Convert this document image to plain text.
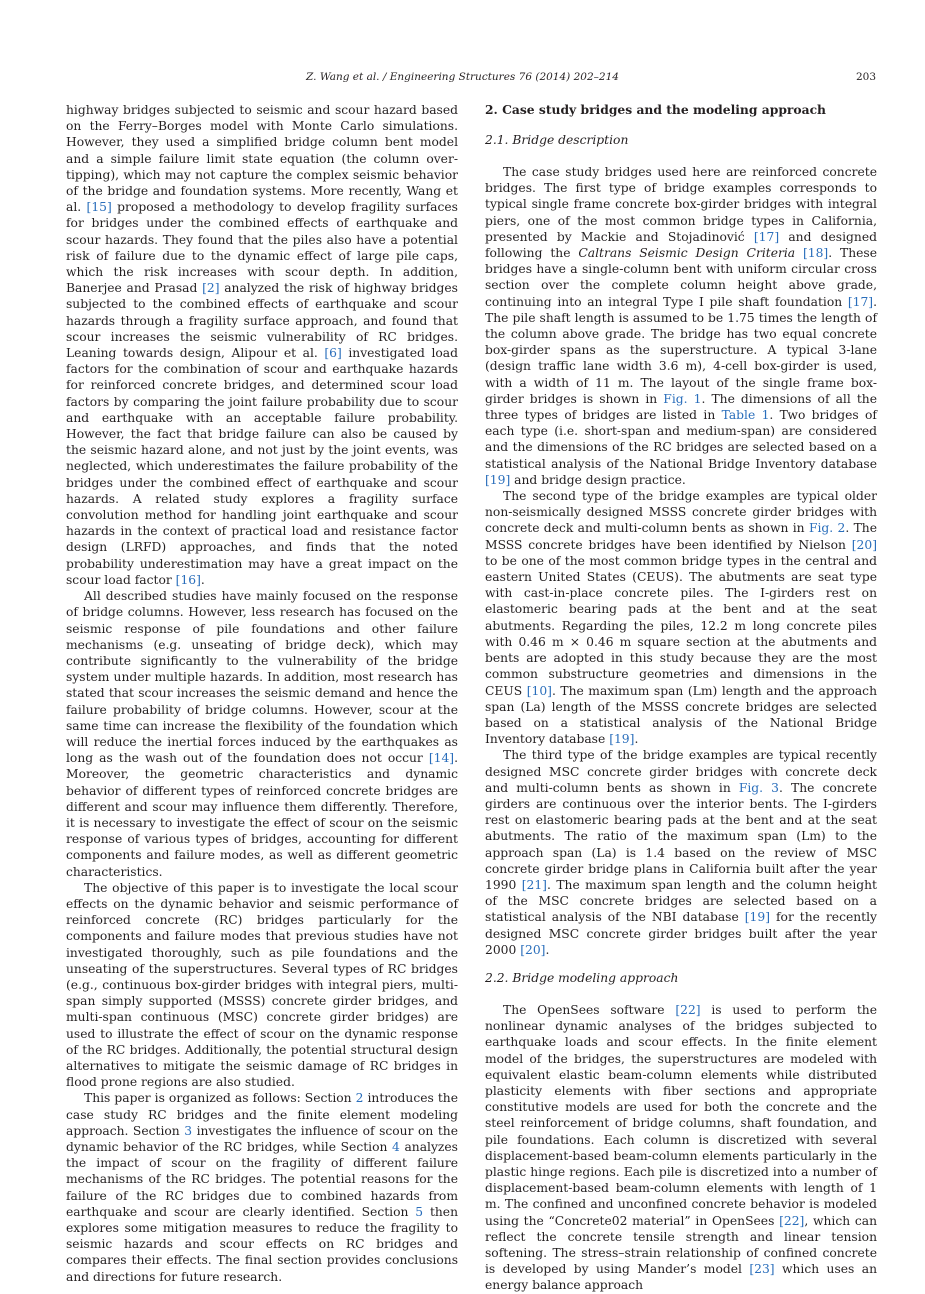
Z. Wang et al. / Engineering Structures 76 (2014) 202–214	203

highway bridges subjected to seismic and scour hazard based on the Ferry–Borges model with Monte Carlo simulations. However, they used a simplified bridge column bent model and a simple failure limit state equation (the column over-tipping), which may not capture the complex seismic behavior of the bridge and foundation systems. More recently, Wang et al. [15] proposed a methodology to develop fragility surfaces for bridges under the combined effects of earthquake and scour hazards. They found that the piles also have a potential risk of failure due to the dynamic effect of large pile caps, which the risk increases with scour depth. In addition, Banerjee and Prasad [2] analyzed the risk of highway bridges subjected to the combined effects of earthquake and scour hazards through a fragility surface approach, and found that scour increases the seismic vulnerability of RC bridges. Leaning towards design, Alipour et al. [6] investigated load factors for the combination of scour and earthquake hazards for reinforced concrete bridges, and determined scour load factors by comparing the joint failure probability due to scour and earthquake with an acceptable failure probability. However, the fact that bridge failure can also be caused by the seismic hazard alone, and not just by the joint events, was neglected, which underestimates the failure probability of the bridges under the combined effect of earthquake and scour hazards. A related study explores a fragility surface convolution method for handling joint earthquake and scour hazards in the context of practical load and resistance factor design (LRFD) approaches, and finds that the noted probability underestimation may have a great impact on the scour load factor [16].

All described studies have mainly focused on the response of bridge columns. However, less research has focused on the seismic response of pile foundations and other failure mechanisms (e.g. unseating of bridge deck), which may contribute significantly to the vulnerability of the bridge system under multiple hazards. In addition, most research has stated that scour increases the seismic demand and hence the failure probability of bridge columns. However, scour at the same time can increase the flexibility of the foundation which will reduce the inertial forces induced by the earthquakes as long as the wash out of the foundation does not occur [14]. Moreover, the geometric characteristics and dynamic behavior of different types of reinforced concrete bridges are different and scour may influence them differently. Therefore, it is necessary to investigate the effect of scour on the seismic response of various types of bridges, accounting for different components and failure modes, as well as different geometric characteristics.

The objective of this paper is to investigate the local scour effects on the dynamic behavior and seismic performance of reinforced concrete (RC) bridges particularly for the components and failure modes that previous studies have not investigated thoroughly, such as pile foundations and the unseating of the superstructures. Several types of RC bridges (e.g., continuous box-girder bridges with integral piers, multi-span simply supported (MSSS) concrete girder bridges, and multi-span continuous (MSC) concrete girder bridges) are used to illustrate the effect of scour on the dynamic response of the RC bridges. Additionally, the potential structural design alternatives to mitigate the seismic damage of RC bridges in flood prone regions are also studied.

This paper is organized as follows: Section 2 introduces the case study RC bridges and the finite element modeling approach. Section 3 investigates the influence of scour on the dynamic behavior of the RC bridges, while Section 4 analyzes the impact of scour on the fragility of different failure mechanisms of the RC bridges. The potential reasons for the failure of the RC bridges due to combined hazards from earthquake and scour are clearly identified. Section 5 then explores some mitigation measures to reduce the fragility to seismic hazards and scour effects on RC bridges and compares their effects. The final section provides conclusions and directions for future research.

2. Case study bridges and the modeling approach
2.1. Bridge description

The case study bridges used here are reinforced concrete bridges. The first type of bridge examples corresponds to typical single frame concrete box-girder bridges with integral piers, one of the most common bridge types in California, presented by Mackie and Stojadinović [17] and designed following the Caltrans Seismic Design Criteria [18]. These bridges have a single-column bent with uniform circular cross section over the complete column height above grade, continuing into an integral Type I pile shaft foundation [17]. The pile shaft length is assumed to be 1.75 times the length of the column above grade. The bridge has two equal concrete box-girder spans as the superstructure. A typical 3-lane (design traffic lane width 3.6 m), 4-cell box-girder is used, with a width of 11 m. The layout of the single frame box-girder bridges is shown in Fig. 1. The dimensions of all the three types of bridges are listed in Table 1. Two bridges of each type (i.e. short-span and medium-span) are considered and the dimensions of the RC bridges are selected based on a statistical analysis of the National Bridge Inventory database [19] and bridge design practice.

The second type of the bridge examples are typical older non-seismically designed MSSS concrete girder bridges with concrete deck and multi-column bents as shown in Fig. 2. The MSSS concrete bridges have been identified by Nielson [20] to be one of the most common bridge types in the central and eastern United States (CEUS). The abutments are seat type with cast-in-place concrete piles. The I-girders rest on elastomeric bearing pads at the bent and at the seat abutments. Regarding the piles, 12.2 m long concrete piles with 0.46 m × 0.46 m square section at the abutments and bents are adopted in this study because they are the most common substructure geometries and dimensions in the CEUS [10]. The maximum span (Lm) length and the approach span (La) length of the MSSS concrete bridges are selected based on a statistical analysis of the National Bridge Inventory database [19].

The third type of the bridge examples are typical recently designed MSC concrete girder bridges with concrete deck and multi-column bents as shown in Fig. 3. The concrete girders are continuous over the interior bents. The I-girders rest on elastomeric bearing pads at the bent and at the seat abutments. The ratio of the maximum span (Lm) to the approach span (La) is 1.4 based on the review of MSC concrete girder bridge plans in California built after the year 1990 [21]. The maximum span length and the column height of the MSC concrete bridges are selected based on a statistical analysis of the NBI database [19] for the recently designed MSC concrete girder bridges built after the year 2000 [20].

2.2. Bridge modeling approach

The OpenSees software [22] is used to perform the nonlinear dynamic analyses of the bridges subjected to earthquake loads and scour effects. In the finite element model of the bridges, the superstructures are modeled with equivalent elastic beam-column elements while distributed plasticity elements with fiber sections and appropriate constitutive models are used for both the concrete and the steel reinforcement of bridge columns, shaft foundation, and pile foundations. Each column is discretized with several displacement-based beam-column elements particularly in the plastic hinge regions. Each pile is discretized into a number of displacement-based beam-column elements with length of 1 m. The confined and unconfined concrete behavior is modeled using the “Concrete02 material” in OpenSees [22], which can reflect the concrete tensile strength and linear tension softening. The stress–strain relationship of confined concrete is developed by using Mander’s model [23] which uses an energy balance approach
